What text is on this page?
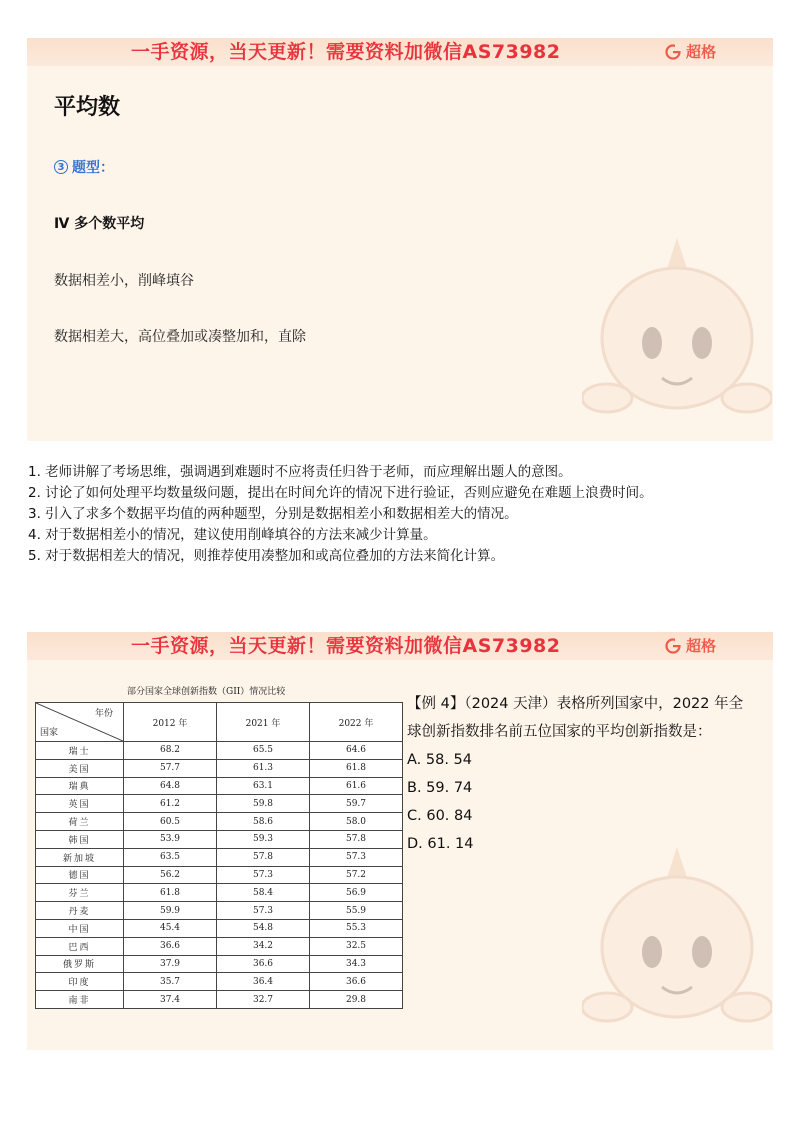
一手资源，当天更新！需要资料加微信AS73982	超格
平均数
3 题型：
Ⅳ 多个数平均
数据相差小，削峰填谷
数据相差大，高位叠加或凑整加和，直除
1. 老师讲解了考场思维，强调遇到难题时不应将责任归咎于老师，而应理解出题人的意图。
2. 讨论了如何处理平均数量级问题，提出在时间允许的情况下进行验证，否则应避免在难题上浪费时间。
3. 引入了求多个数据平均值的两种题型，分别是数据相差小和数据相差大的情况。
4. 对于数据相差小的情况，建议使用削峰填谷的方法来减少计算量。
5. 对于数据相差大的情况，则推荐使用凑整加和或高位叠加的方法来简化计算。
一手资源，当天更新！需要资料加微信AS73982	超格
部分国家全球创新指数（GII）情况比较
年份
国家	2012 年	2021 年	2022 年
瑞士	68.2	65.5	64.6
美国	57.7	61.3	61.8
瑞典	64.8	63.1	61.6
英国	61.2	59.8	59.7
荷兰	60.5	58.6	58.0
韩国	53.9	59.3	57.8
新加坡	63.5	57.8	57.3
德国	56.2	57.3	57.2
芬兰	61.8	58.4	56.9
丹麦	59.9	57.3	55.9
中国	45.4	54.8	55.3
巴西	36.6	34.2	32.5
俄罗斯	37.9	36.6	34.3
印度	35.7	36.4	36.6
南非	37.4	32.7	29.8
【例 4】（2024 天津）表格所列国家中，2022 年全球创新指数排名前五位国家的平均创新指数是：
A. 58. 54
B. 59. 74
C. 60. 84
D. 61. 14
